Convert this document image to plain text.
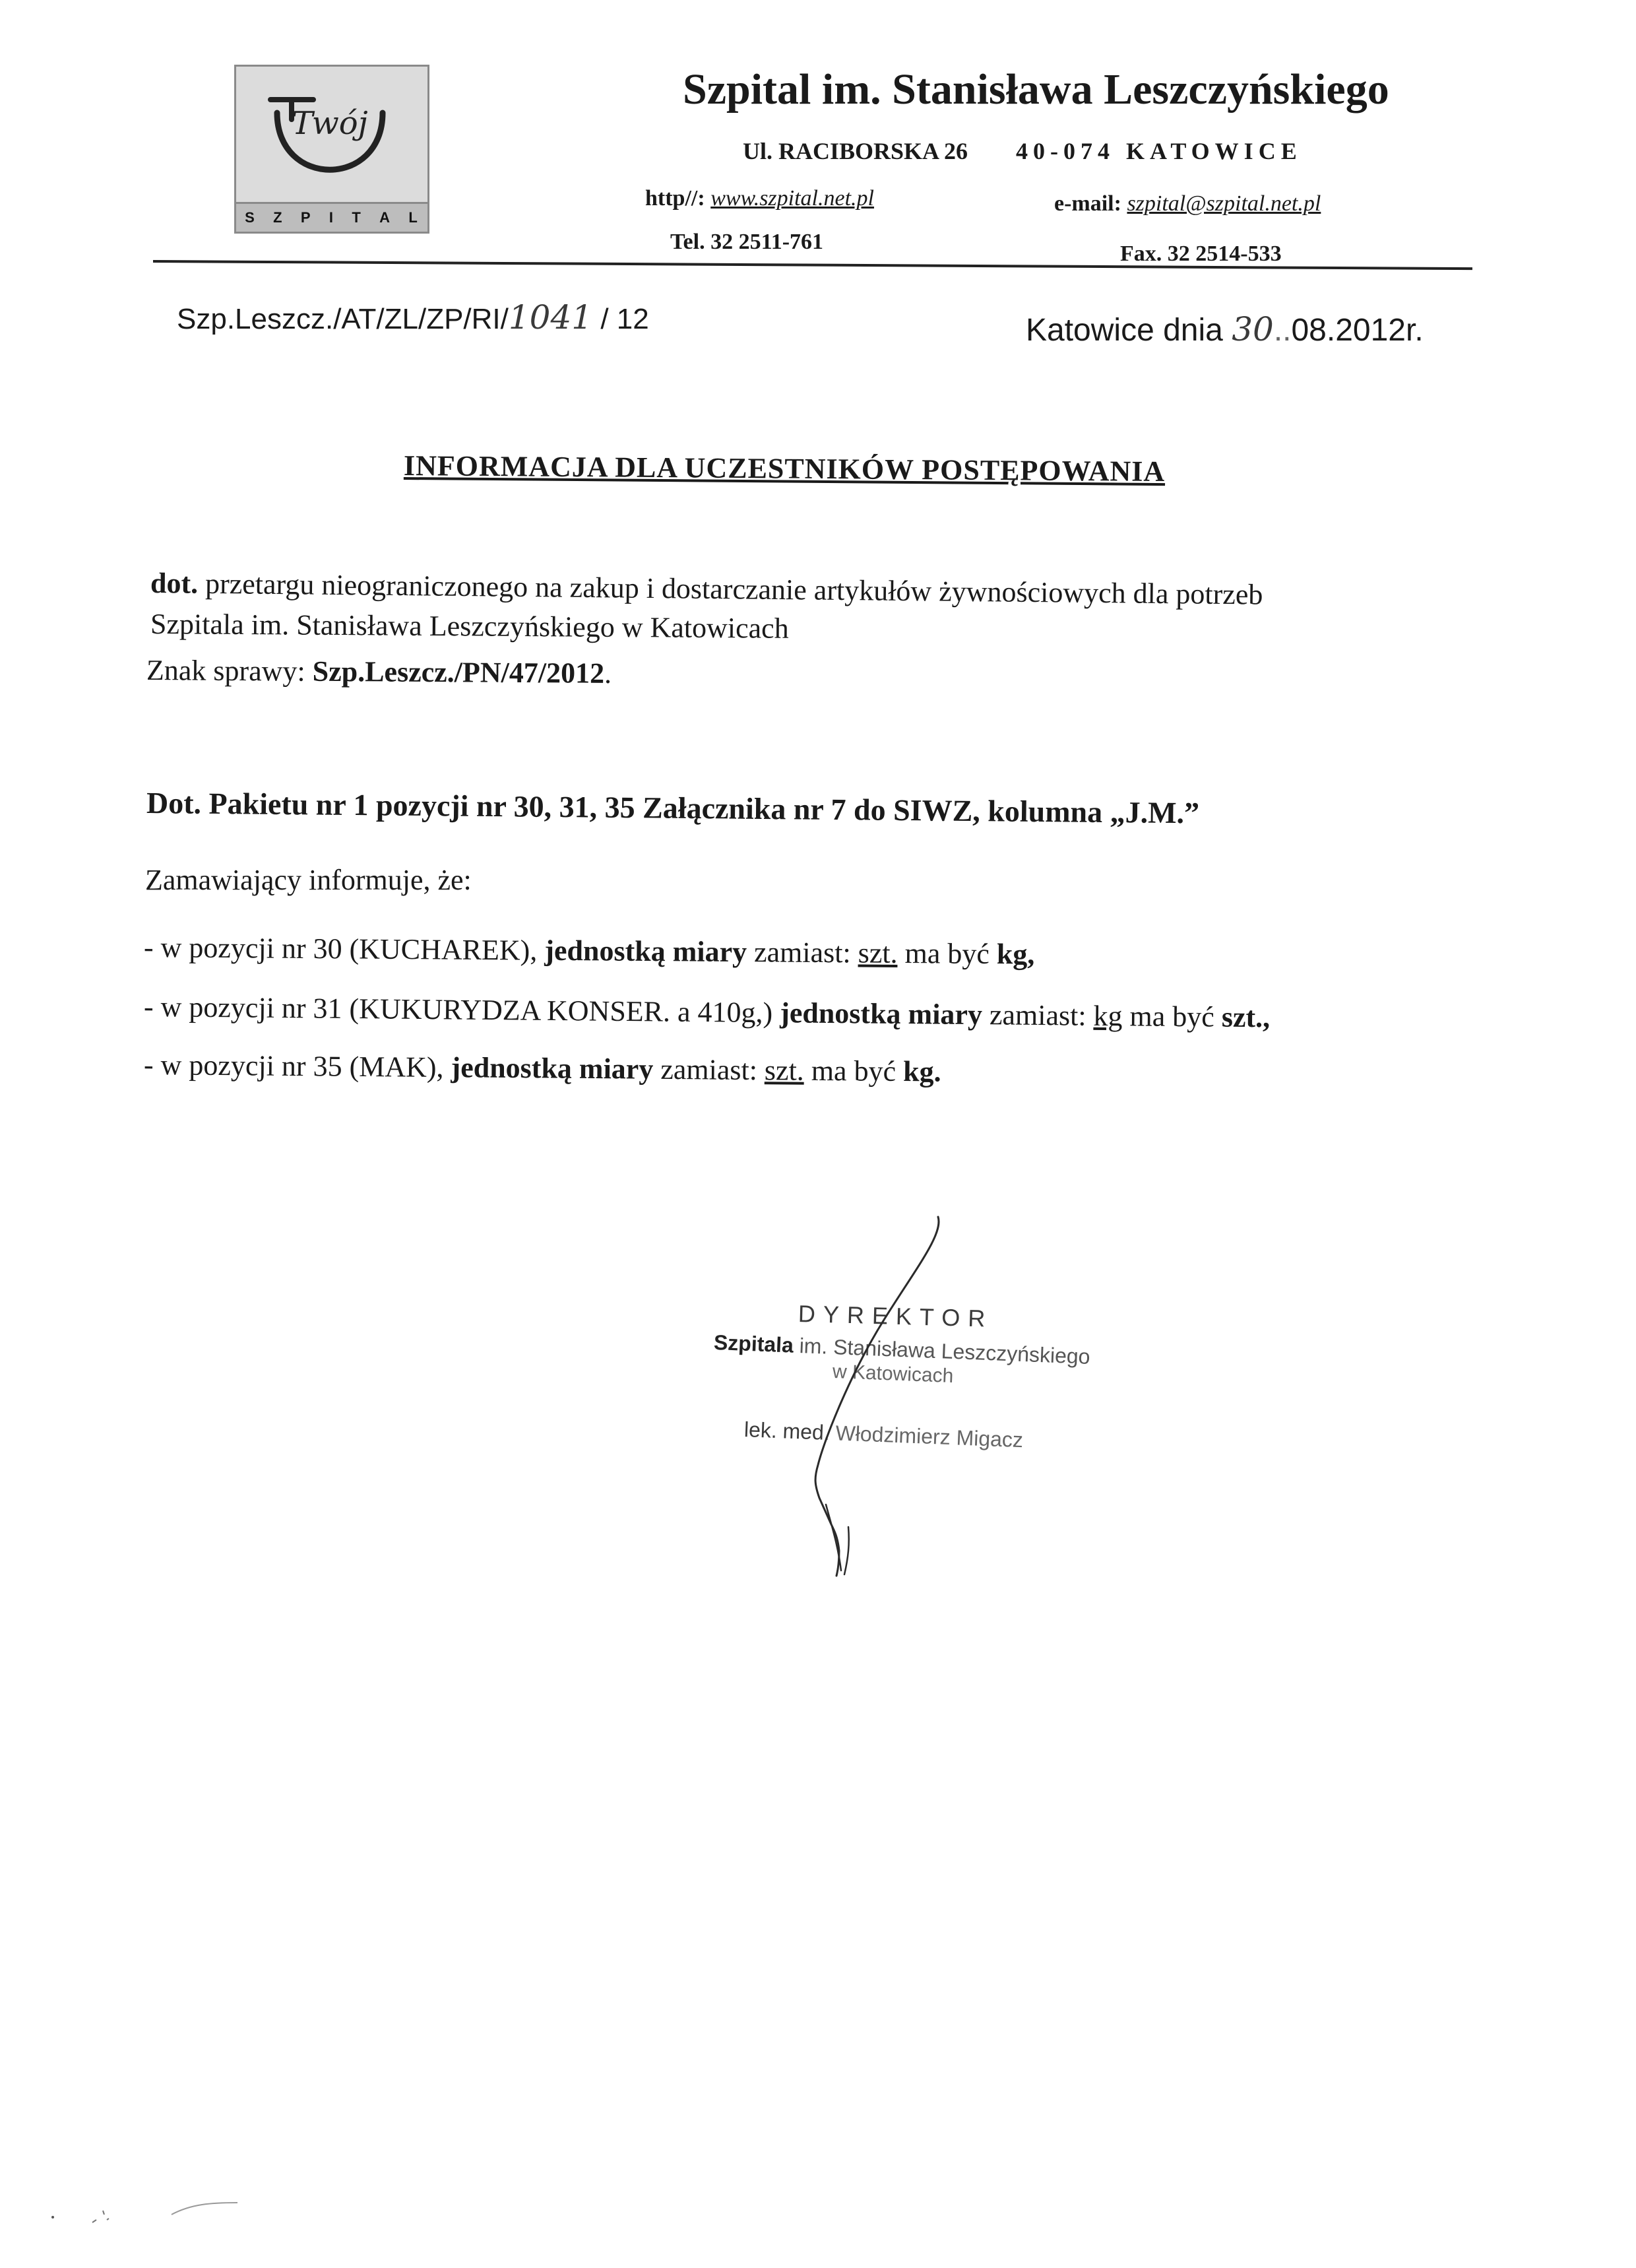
Twój
S Z P I T A L
Szpital im. Stanisława Leszczyńskiego
Ul. RACIBORSKA 26 40-074 KATOWICE
http//: www.szpital.net.pl	e-mail: szpital@szpital.net.pl
Tel. 32 2511-761	Fax. 32 2514-533
Szp.Leszcz./AT/ZL/ZP/RI/1041 / 12	Katowice dnia 30..08.2012r.
INFORMACJA DLA UCZESTNIKÓW POSTĘPOWANIA
dot. przetargu nieograniczonego na zakup i dostarczanie artykułów żywnościowych dla potrzeb
Szpitala im. Stanisława Leszczyńskiego w Katowicach
Znak sprawy: Szp.Leszcz./PN/47/2012.
Dot. Pakietu nr 1 pozycji nr 30, 31, 35 Załącznika nr 7 do SIWZ, kolumna „J.M.”
Zamawiający informuje, że:
- w pozycji nr 30 (KUCHAREK), jednostką miary zamiast: szt. ma być kg,
- w pozycji nr 31 (KUKURYDZA KONSER. a 410g,) jednostką miary zamiast: kg ma być szt.,
- w pozycji nr 35 (MAK), jednostką miary zamiast: szt. ma być kg.
DYREKTOR
Szpitala im. Stanisława Leszczyńskiego
w Katowicach
lek. med. Włodzimierz Migacz
